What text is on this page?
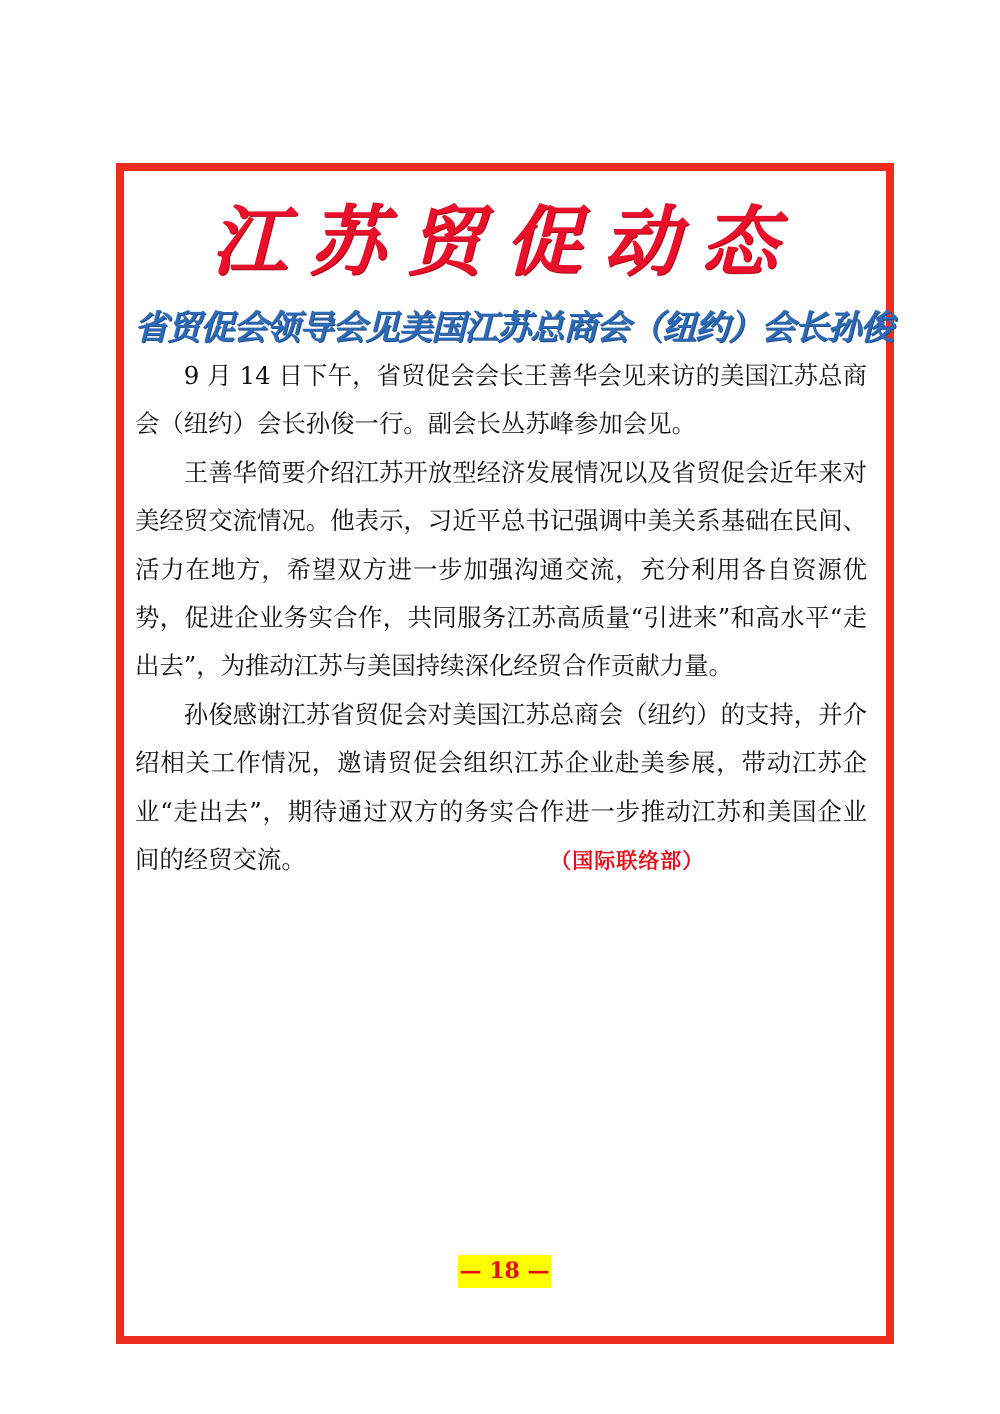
江苏贸促动态
省贸促会领导会见美国江苏总商会（纽约）会长孙俊

9 月 14 日下午，省贸促会会长王善华会见来访的美国江苏总商会（纽约）会长孙俊一行。副会长丛苏峰参加会见。

王善华简要介绍江苏开放型经济发展情况以及省贸促会近年来对美经贸交流情况。他表示，习近平总书记强调中美关系基础在民间、活力在地方，希望双方进一步加强沟通交流，充分利用各自资源优势，促进企业务实合作，共同服务江苏高质量“引进来”和高水平“走出去”，为推动江苏与美国持续深化经贸合作贡献力量。

孙俊感谢江苏省贸促会对美国江苏总商会（纽约）的支持，并介绍相关工作情况，邀请贸促会组织江苏企业赴美参展，带动江苏企业“走出去”，期待通过双方的务实合作进一步推动江苏和美国企业间的经贸交流。	（国际联络部）

— 18 —
